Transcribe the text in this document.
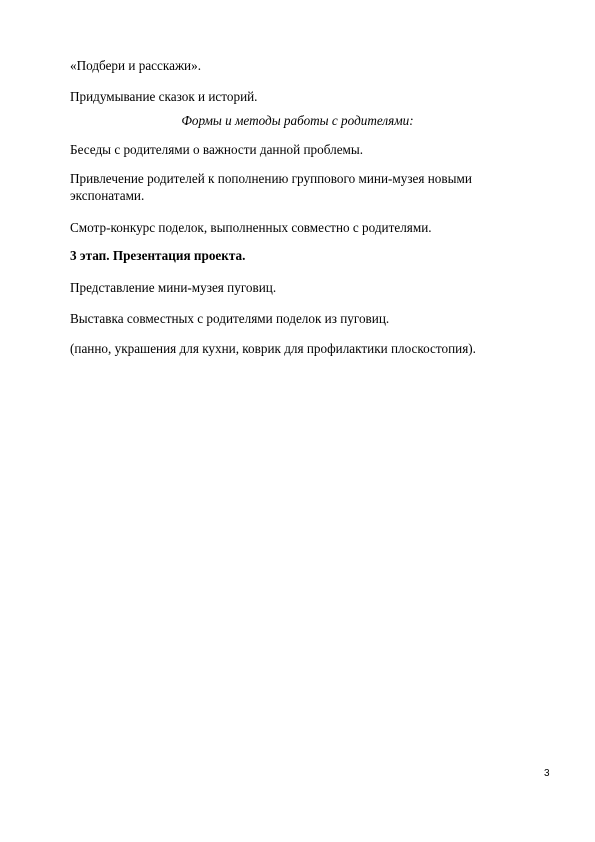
«Подбери и расскажи».
Придумывание сказок и историй.
Формы и методы работы с родителями:
Беседы с родителями о важности данной проблемы.
Привлечение родителей к пополнению группового мини-музея новыми экспонатами.
Смотр-конкурс поделок, выполненных совместно с родителями.
3 этап. Презентация проекта.
Представление мини-музея пуговиц.
Выставка совместных с родителями поделок из пуговиц.
(панно, украшения для кухни, коврик для профилактики плоскостопия).
3
